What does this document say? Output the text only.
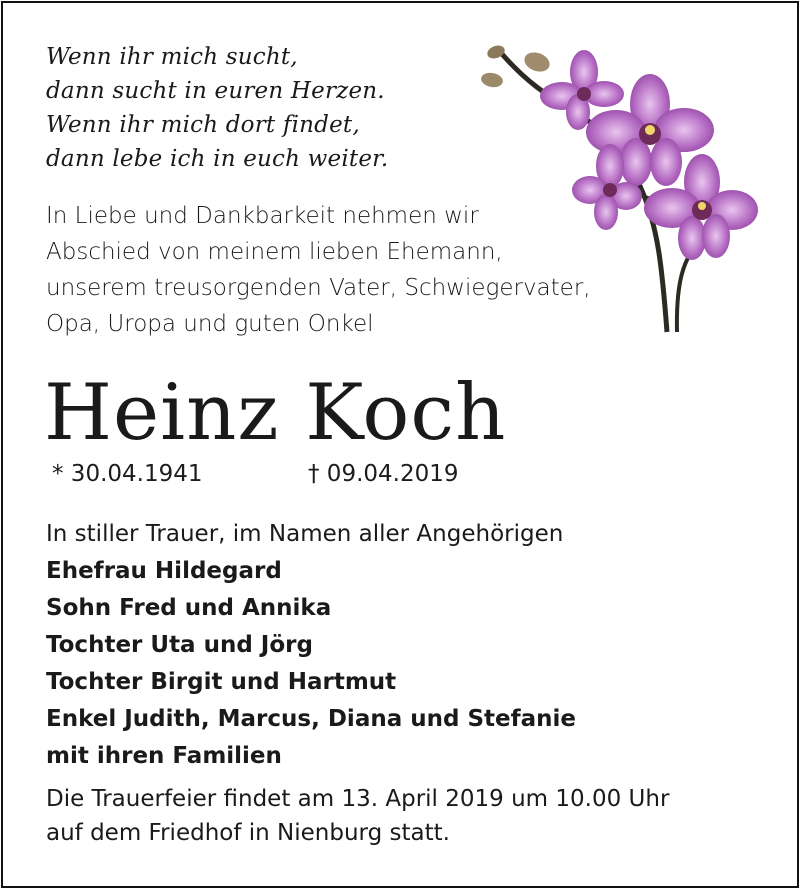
Wenn ihr mich sucht,
dann sucht in euren Herzen.
Wenn ihr mich dort findet,
dann lebe ich in euch weiter.
In Liebe und Dankbarkeit nehmen wir
Abschied von meinem lieben Ehemann,
unserem treusorgenden Vater, Schwiegervater,
Opa, Uropa und guten Onkel
Heinz Koch
* 30.04.1941	† 09.04.2019
In stiller Trauer, im Namen aller Angehörigen
Ehefrau Hildegard
Sohn Fred und Annika
Tochter Uta und Jörg
Tochter Birgit und Hartmut
Enkel Judith, Marcus, Diana und Stefanie
mit ihren Familien
Die Trauerfeier findet am 13. April 2019 um 10.00 Uhr
auf dem Friedhof in Nienburg statt.
